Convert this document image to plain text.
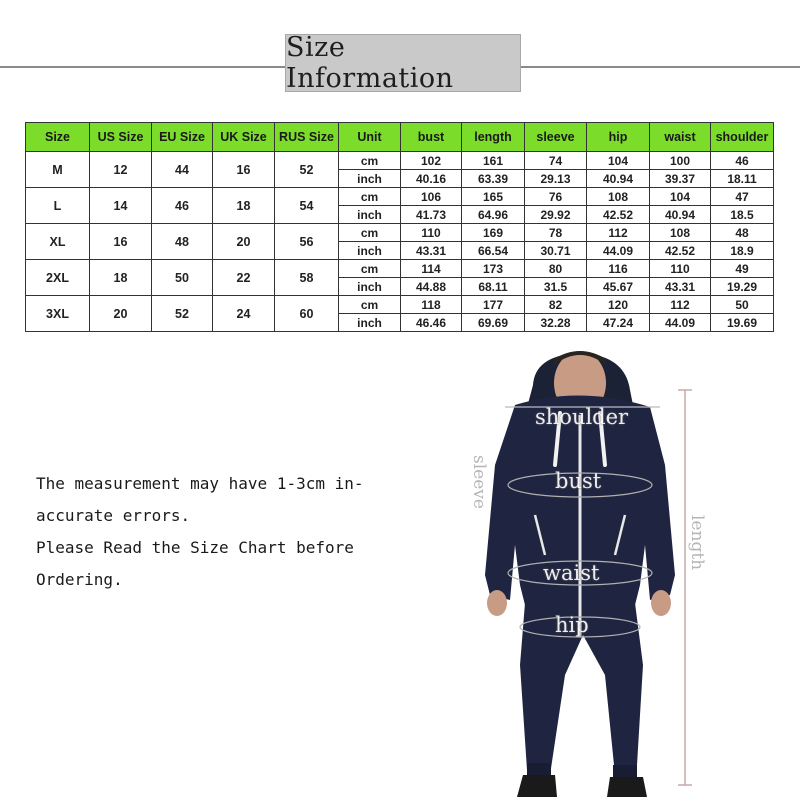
Size Information
Size	US Size	EU Size	UK Size	RUS Size	Unit	bust	length	sleeve	hip	waist	shoulder
M	12	44	16	52	cm	102	161	74	104	100	46
					inch	40.16	63.39	29.13	40.94	39.37	18.11
L	14	46	18	54	cm	106	165	76	108	104	47
					inch	41.73	64.96	29.92	42.52	40.94	18.5
XL	16	48	20	56	cm	110	169	78	112	108	48
					inch	43.31	66.54	30.71	44.09	42.52	18.9
2XL	18	50	22	58	cm	114	173	80	116	110	49
					inch	44.88	68.11	31.5	45.67	43.31	19.29
3XL	20	52	24	60	cm	118	177	82	120	112	50
					inch	46.46	69.69	32.28	47.24	44.09	19.69
The measurement may have 1-3cm in-
accurate errors.
Please Read the Size Chart before
Ordering.
shoulder
bust
waist
hip
sleeve
length
